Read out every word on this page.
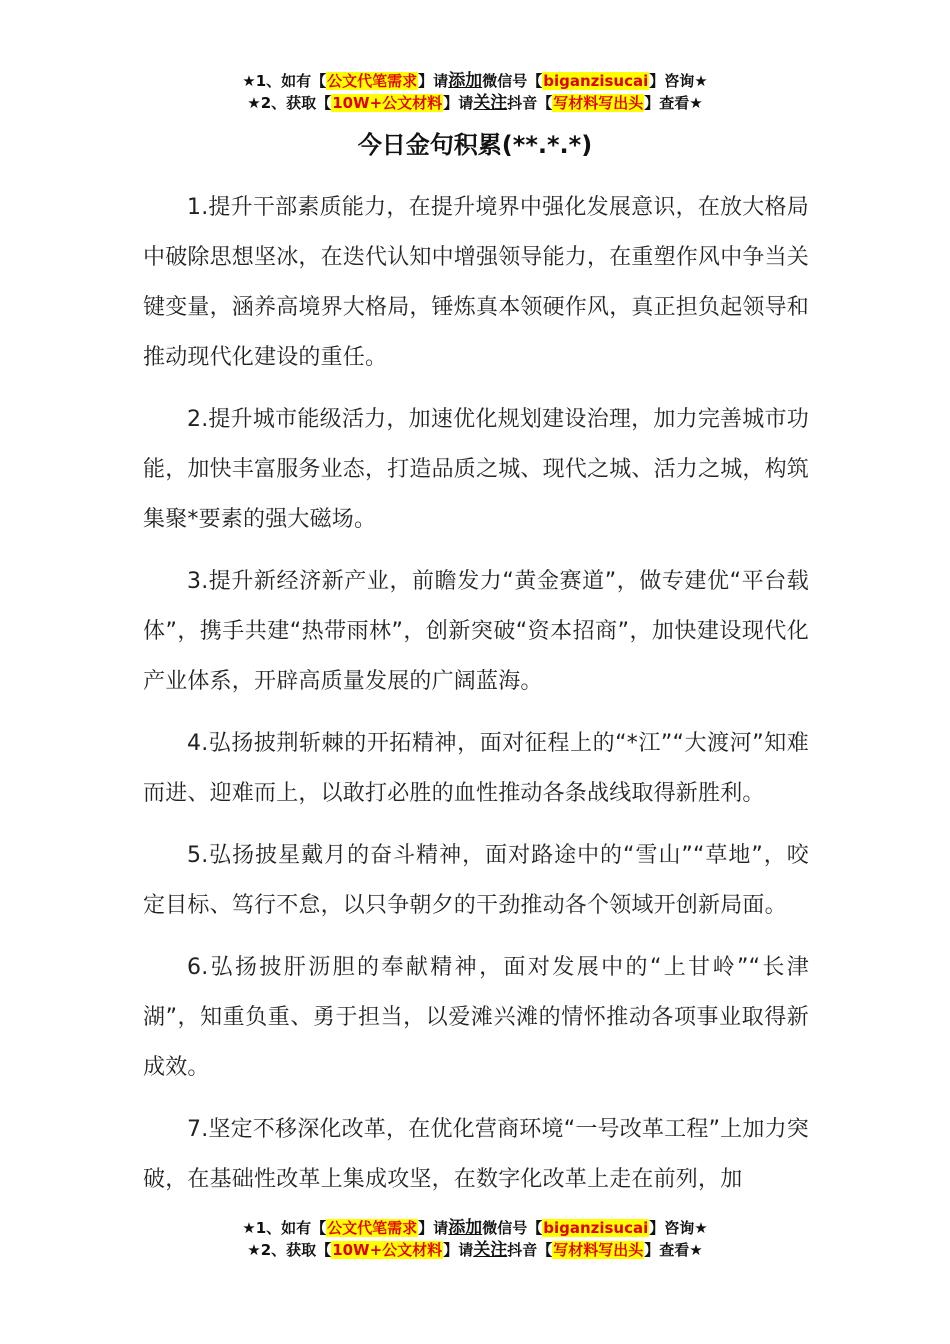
★1、如有【公文代笔需求】请添加微信号【biganzisucai】咨询★
★2、获取【10W+公文材料】请关注抖音【写材料写出头】查看★
今日金句积累(**.*.*)

1.提升干部素质能力，在提升境界中强化发展意识，在放大格局中破除思想坚冰，在迭代认知中增强领导能力，在重塑作风中争当关键变量，涵养高境界大格局，锤炼真本领硬作风，真正担负起领导和推动现代化建设的重任。

2.提升城市能级活力，加速优化规划建设治理，加力完善城市功能，加快丰富服务业态，打造品质之城、现代之城、活力之城，构筑集聚*要素的强大磁场。

3.提升新经济新产业，前瞻发力“黄金赛道”，做专建优“平台载体”，携手共建“热带雨林”，创新突破“资本招商”，加快建设现代化产业体系，开辟高质量发展的广阔蓝海。

4.弘扬披荆斩棘的开拓精神，面对征程上的“*江”“大渡河”知难而进、迎难而上，以敢打必胜的血性推动各条战线取得新胜利。

5.弘扬披星戴月的奋斗精神，面对路途中的“雪山”“草地”，咬定目标、笃行不怠，以只争朝夕的干劲推动各个领域开创新局面。

6.弘扬披肝沥胆的奉献精神，面对发展中的“上甘岭”“长津湖”，知重负重、勇于担当，以爱滩兴滩的情怀推动各项事业取得新成效。

7.坚定不移深化改革，在优化营商环境“一号改革工程”上加力突破，在基础性改革上集成攻坚，在数字化改革上走在前列，加

★1、如有【公文代笔需求】请添加微信号【biganzisucai】咨询★
★2、获取【10W+公文材料】请关注抖音【写材料写出头】查看★
